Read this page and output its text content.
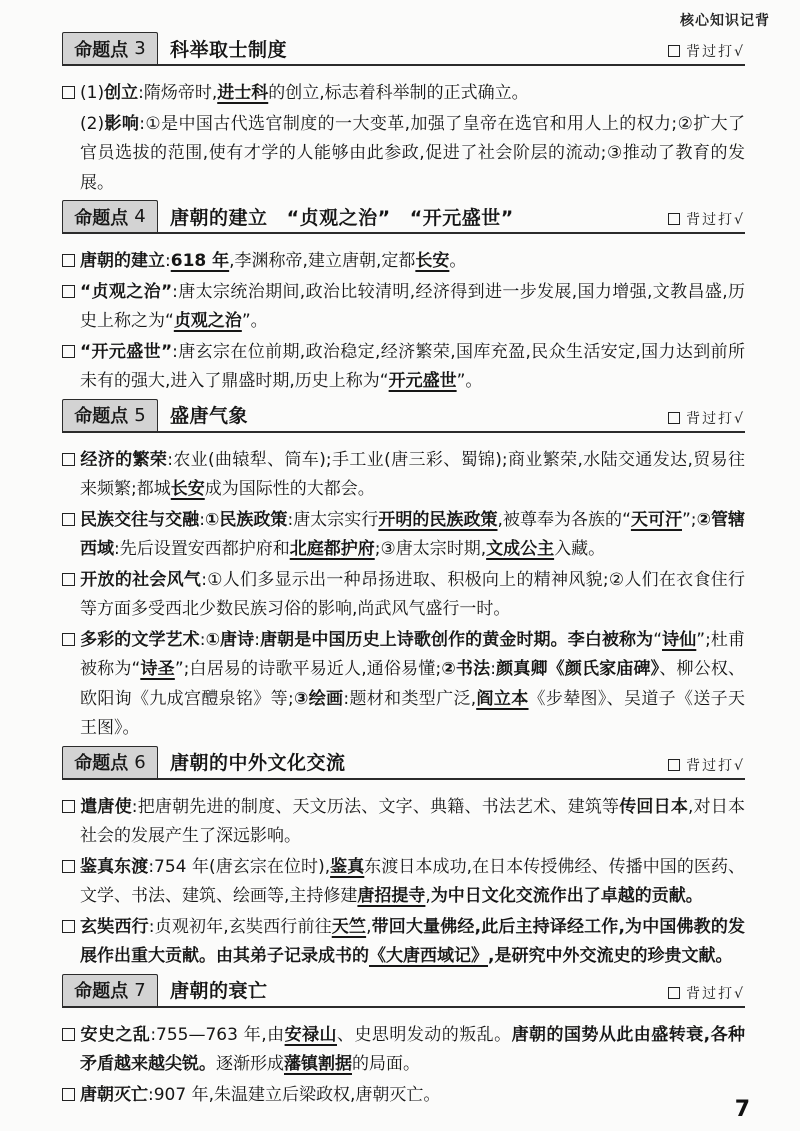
核心知识记背
命题点 3 科举取士制度	背过打√

(1)创立:隋炀帝时,进士科的创立,标志着科举制的正式确立。

(2)影响:①是中国古代选官制度的一大变革,加强了皇帝在选官和用人上的权力;②扩大了官员选拔的范围,使有才学的人能够由此参政,促进了社会阶层的流动;③推动了教育的发展。

命题点 4 唐朝的建立 “贞观之治” “开元盛世”	背过打√

唐朝的建立:618 年,李渊称帝,建立唐朝,定都长安。

“贞观之治”:唐太宗统治期间,政治比较清明,经济得到进一步发展,国力增强,文教昌盛,历史上称之为“贞观之治”。

“开元盛世”:唐玄宗在位前期,政治稳定,经济繁荣,国库充盈,民众生活安定,国力达到前所未有的强大,进入了鼎盛时期,历史上称为“开元盛世”。

命题点 5 盛唐气象	背过打√

经济的繁荣:农业(曲辕犁、筒车);手工业(唐三彩、蜀锦);商业繁荣,水陆交通发达,贸易往来频繁;都城长安成为国际性的大都会。

民族交往与交融:①民族政策:唐太宗实行开明的民族政策,被尊奉为各族的“天可汗”;②管辖西域:先后设置安西都护府和北庭都护府;③唐太宗时期,文成公主入藏。

开放的社会风气:①人们多显示出一种昂扬进取、积极向上的精神风貌;②人们在衣食住行等方面多受西北少数民族习俗的影响,尚武风气盛行一时。

多彩的文学艺术:①唐诗:唐朝是中国历史上诗歌创作的黄金时期。李白被称为“诗仙”;杜甫被称为“诗圣”;白居易的诗歌平易近人,通俗易懂;②书法:颜真卿《颜氏家庙碑》、柳公权、欧阳询《九成宫醴泉铭》等;③绘画:题材和类型广泛,阎立本《步辇图》、吴道子《送子天王图》。

命题点 6 唐朝的中外文化交流	背过打√

遣唐使:把唐朝先进的制度、天文历法、文字、典籍、书法艺术、建筑等传回日本,对日本社会的发展产生了深远影响。

鉴真东渡:754 年(唐玄宗在位时),鉴真东渡日本成功,在日本传授佛经、传播中国的医药、文学、书法、建筑、绘画等,主持修建唐招提寺,为中日文化交流作出了卓越的贡献。

玄奘西行:贞观初年,玄奘西行前往天竺,带回大量佛经,此后主持译经工作,为中国佛教的发展作出重大贡献。由其弟子记录成书的《大唐西域记》,是研究中外交流史的珍贵文献。

命题点 7 唐朝的衰亡	背过打√

安史之乱:755—763 年,由安禄山、史思明发动的叛乱。唐朝的国势从此由盛转衰,各种矛盾越来越尖锐。逐渐形成藩镇割据的局面。

唐朝灭亡:907 年,朱温建立后梁政权,唐朝灭亡。

7
